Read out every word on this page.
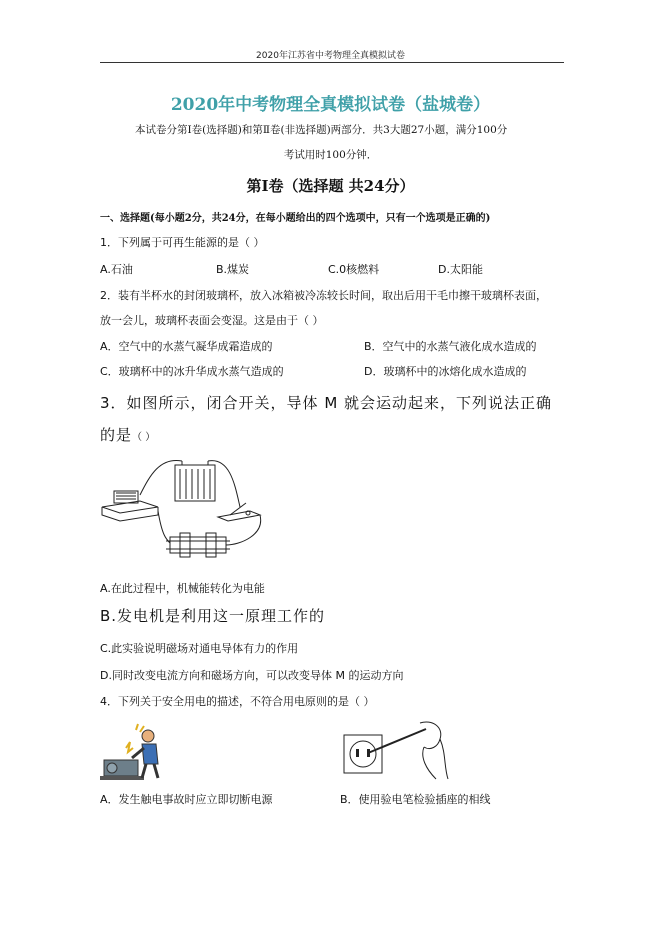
2020年江苏省中考物理全真模拟试卷
2020年中考物理全真模拟试卷（盐城卷）
本试卷分第Ⅰ卷(选择题)和第Ⅱ卷(非选择题)两部分．共3大题27小题，满分100分
考试用时100分钟．
第Ⅰ卷（选择题 共24分）
一、选择题(每小题2分，共24分，在每小题给出的四个选项中，只有一个选项是正确的)
1．下列属于可再生能源的是（ ）
A.石油	B.煤炭	C.0核燃料	D.太阳能
2．装有半杯水的封闭玻璃杯，放入冰箱被冷冻较长时间，取出后用干毛巾擦干玻璃杯表面，
放一会儿，玻璃杯表面会变湿。这是由于（ ）
A．空气中的水蒸气凝华成霜造成的	B．空气中的水蒸气液化成水造成的
C．玻璃杯中的冰升华成水蒸气造成的	D．玻璃杯中的冰熔化成水造成的
3．如图所示，闭合开关，导体 M 就会运动起来，下列说法正确
的是（ ）
A.在此过程中，机械能转化为电能
B.发电机是利用这一原理工作的
C.此实验说明磁场对通电导体有力的作用
D.同时改变电流方向和磁场方向，可以改变导体 M 的运动方向
4．下列关于安全用电的描述，不符合用电原则的是（ ）
A．发生触电事故时应立即切断电源	B．使用验电笔检验插座的相线
